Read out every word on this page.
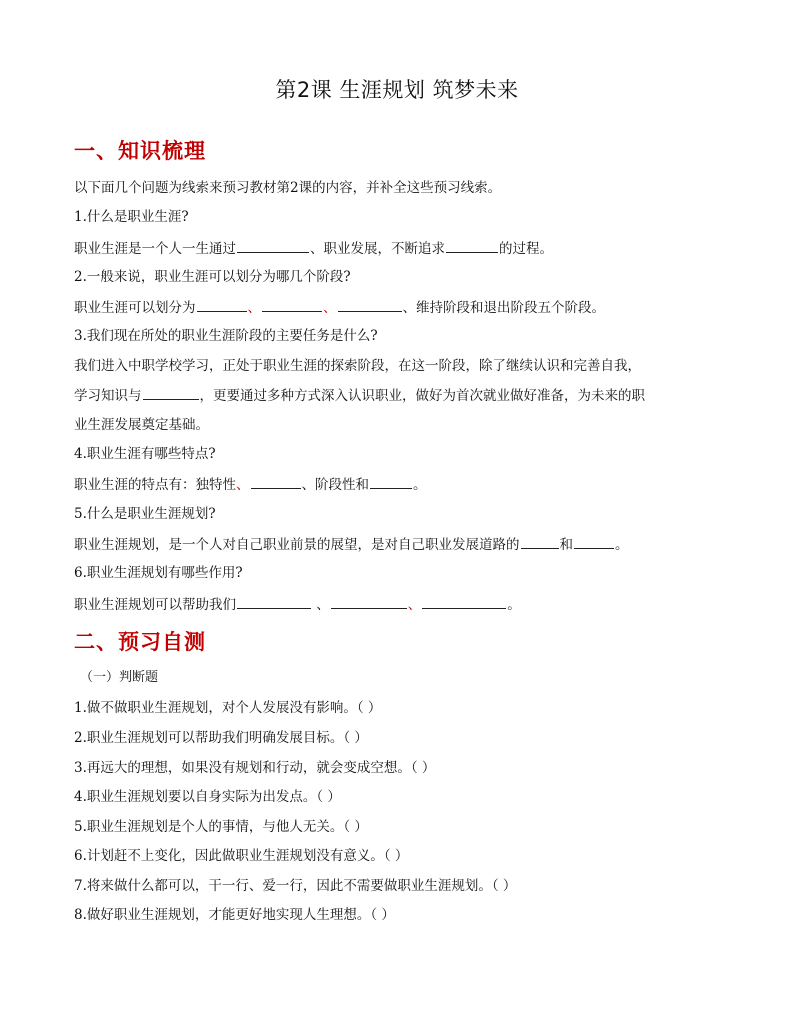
第2课 生涯规划 筑梦未来
一、知识梳理
以下面几个问题为线索来预习教材第2课的内容，并补全这些预习线索。
1.什么是职业生涯?
职业生涯是一个人一生通过	、职业发展，不断追求	的过程。
2.一般来说，职业生涯可以划分为哪几个阶段?
职业生涯可以划分为	、	、	、维持阶段和退出阶段五个阶段。
3.我们现在所处的职业生涯阶段的主要任务是什么?
我们进入中职学校学习，正处于职业生涯的探索阶段，在这一阶段，除了继续认识和完善自我，
学习知识与	，更要通过多种方式深入认识职业，做好为首次就业做好准备，为未来的职
业生涯发展奠定基础。
4.职业生涯有哪些特点?
职业生涯的特点有：独特性、	、阶段性和	。
5.什么是职业生涯规划?
职业生涯规划，是一个人对自己职业前景的展望，是对自己职业发展道路的	和	。
6.职业生涯规划有哪些作用?
职业生涯规划可以帮助我们	、	、	。
二、预习自测
（一）判断题
1.做不做职业生涯规划，对个人发展没有影响。（ ）
2.职业生涯规划可以帮助我们明确发展目标。（ ）
3.再远大的理想，如果没有规划和行动，就会变成空想。（ ）
4.职业生涯规划要以自身实际为出发点。（ ）
5.职业生涯规划是个人的事情，与他人无关。（ ）
6.计划赶不上变化，因此做职业生涯规划没有意义。（ ）
7.将来做什么都可以，干一行、爱一行，因此不需要做职业生涯规划。（ ）
8.做好职业生涯规划，才能更好地实现人生理想。（ ）
